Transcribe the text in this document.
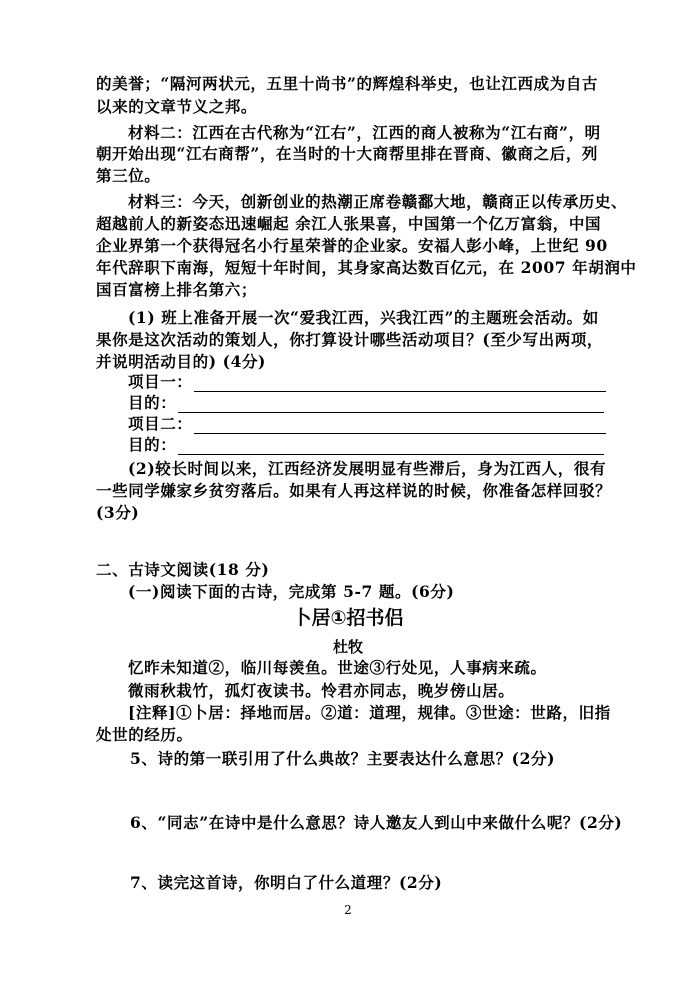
的美誉；“隔河两状元，五里十尚书”的辉煌科举史，也让江西成为自古
以来的文章节义之邦。
材料二：江西在古代称为“江右”，江西的商人被称为“江右商”，明
朝开始出现“江右商帮”，在当时的十大商帮里排在晋商、徽商之后，列
第三位。
材料三：今天，创新创业的热潮正席卷赣鄱大地，赣商正以传承历史、
超越前人的新姿态迅速崛起 余江人张果喜，中国第一个亿万富翁，中国
企业界第一个获得冠名小行星荣誉的企业家。安福人彭小峰，上世纪 90
年代辞职下南海，短短十年时间，其身家高达数百亿元，在 2007 年胡润中
国百富榜上排名第六；
(1) 班上准备开展一次“爱我江西，兴我江西”的主题班会活动。如
果你是这次活动的策划人，你打算设计哪些活动项目？(至少写出两项，
并说明活动目的) (4分)
项目一：
目的：
项目二：
目的：
(2)较长时间以来，江西经济发展明显有些滞后，身为江西人，很有
一些同学嫌家乡贫穷落后。如果有人再这样说的时候，你准备怎样回驳？
(3分)
二、古诗文阅读(18 分)
(一)阅读下面的古诗，完成第 5-7 题。(6分)
卜居①招书侣
杜牧
忆昨未知道②，临川每羡鱼。世途③行处见，人事病来疏。
微雨秋栽竹，孤灯夜读书。怜君亦同志，晚岁傍山居。
[注释]①卜居：择地而居。②道：道理，规律。③世途：世路，旧指
处世的经历。
5、诗的第一联引用了什么典故？主要表达什么意思？(2分)
6、“同志”在诗中是什么意思？诗人邀友人到山中来做什么呢？(2分)
7、读完这首诗，你明白了什么道理？(2分)
2
